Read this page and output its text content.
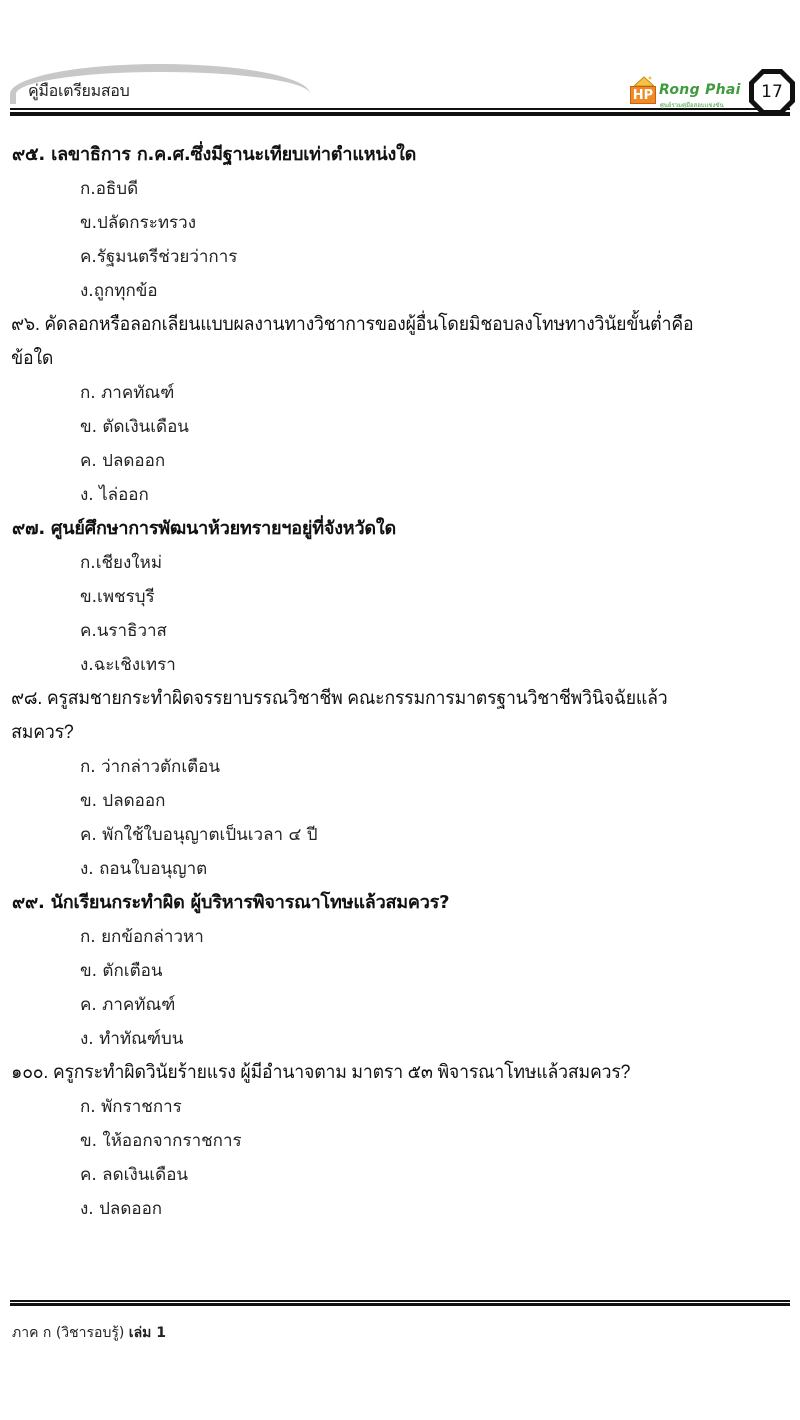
คู่มือเตรียมสอบ	HP Rong Phai
ศูนย์รวมคู่มือสอบแข่งขัน
17
๙๕. เลขาธิการ ก.ค.ศ.ซึ่งมีฐานะเทียบเท่าตำแหน่งใด
ก.อธิบดี
ข.ปลัดกระทรวง
ค.รัฐมนตรีช่วยว่าการ
ง.ถูกทุกข้อ
๙๖. คัดลอกหรือลอกเลียนแบบผลงานทางวิชาการของผู้อื่นโดยมิชอบลงโทษทางวินัยขั้นต่ำคือ
ข้อใด
ก. ภาคทัณฑ์
ข. ตัดเงินเดือน
ค. ปลดออก
ง. ไล่ออก
๙๗. ศูนย์ศึกษาการพัฒนาห้วยทรายฯอยู่ที่จังหวัดใด
ก.เชียงใหม่
ข.เพชรบุรี
ค.นราธิวาส
ง.ฉะเชิงเทรา
๙๘. ครูสมชายกระทำผิดจรรยาบรรณวิชาชีพ คณะกรรมการมาตรฐานวิชาชีพวินิจฉัยแล้ว
สมควร?
ก. ว่ากล่าวตักเตือน
ข. ปลดออก
ค. พักใช้ใบอนุญาตเป็นเวลา ๔ ปี
ง. ถอนใบอนุญาต
๙๙. นักเรียนกระทำผิด ผู้บริหารพิจารณาโทษแล้วสมควร?
ก. ยกข้อกล่าวหา
ข. ตักเตือน
ค. ภาคทัณฑ์
ง. ทำทัณฑ์บน
๑๐๐. ครูกระทำผิดวินัยร้ายแรง ผู้มีอำนาจตาม มาตรา ๕๓ พิจารณาโทษแล้วสมควร?
ก. พักราชการ
ข. ให้ออกจากราชการ
ค. ลดเงินเดือน
ง. ปลดออก
ภาค ก (วิชารอบรู้) เล่ม 1
